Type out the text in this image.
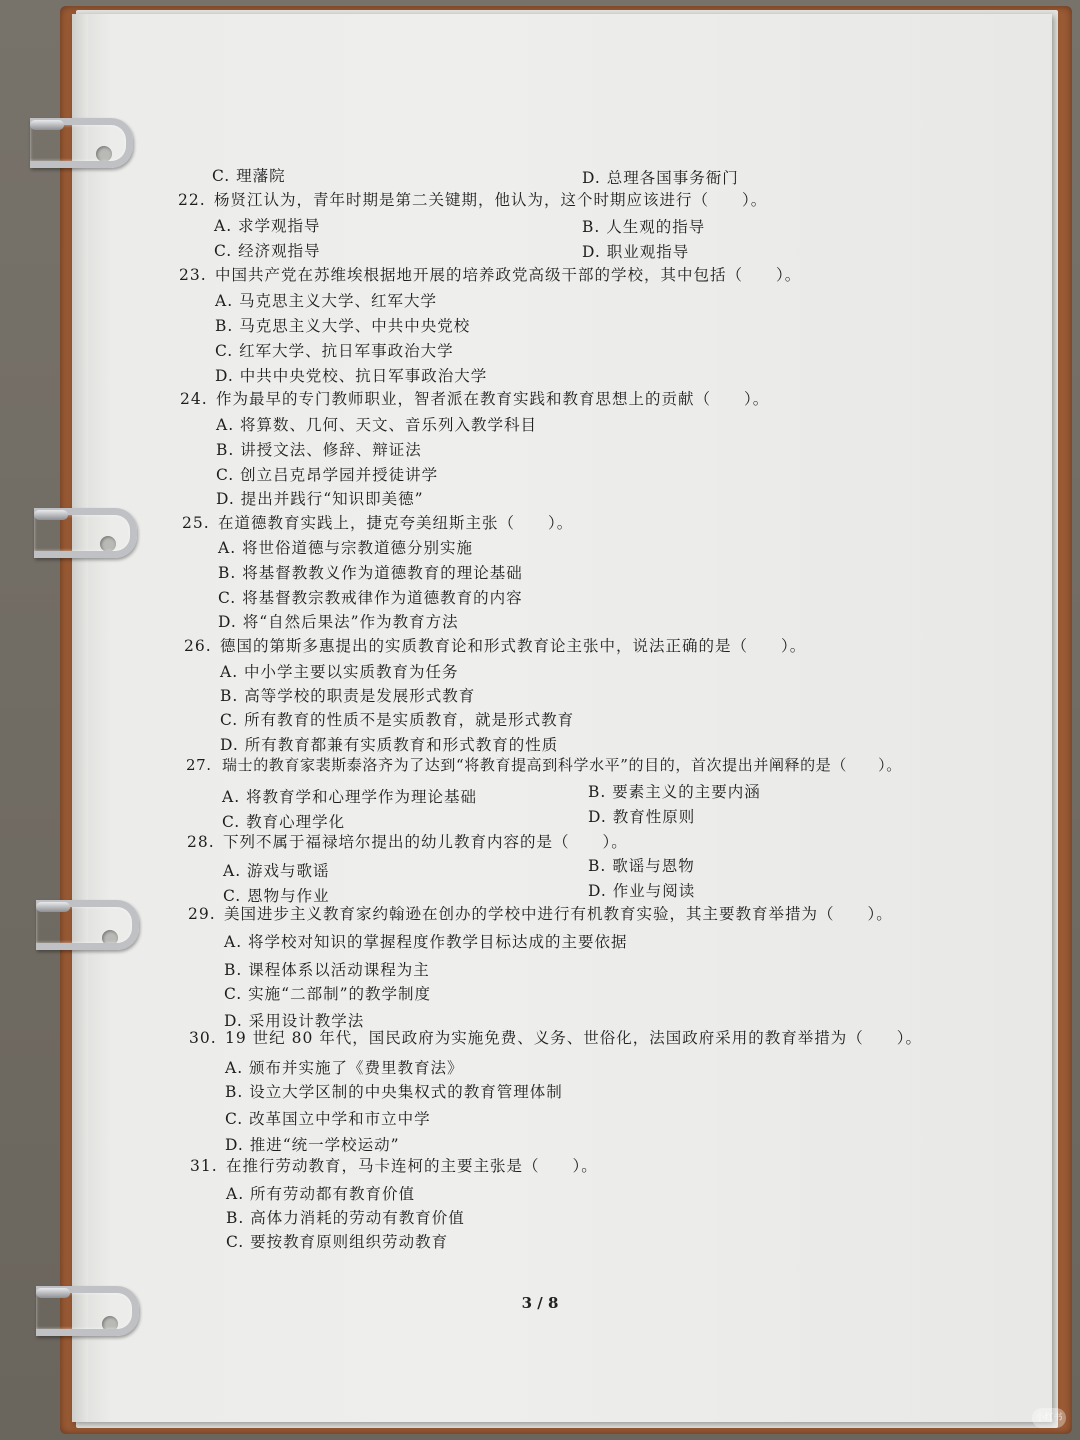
C. 理藩院	D. 总理各国事务衙门
22. 杨贤江认为，青年时期是第二关键期，他认为，这个时期应该进行（　　）。
A. 求学观指导	B. 人生观的指导
C. 经济观指导	D. 职业观指导
23. 中国共产党在苏维埃根据地开展的培养政党高级干部的学校，其中包括（　　）。
A. 马克思主义大学、红军大学
B. 马克思主义大学、中共中央党校
C. 红军大学、抗日军事政治大学
D. 中共中央党校、抗日军事政治大学
24. 作为最早的专门教师职业，智者派在教育实践和教育思想上的贡献（　　）。
A. 将算数、几何、天文、音乐列入教学科目
B. 讲授文法、修辞、辩证法
C. 创立吕克昂学园并授徒讲学
D. 提出并践行“知识即美德”
25. 在道德教育实践上，捷克夸美纽斯主张（　　）。
A. 将世俗道德与宗教道德分别实施
B. 将基督教教义作为道德教育的理论基础
C. 将基督教宗教戒律作为道德教育的内容
D. 将“自然后果法”作为教育方法
26. 德国的第斯多惠提出的实质教育论和形式教育论主张中，说法正确的是（　　）。
A. 中小学主要以实质教育为任务
B. 高等学校的职责是发展形式教育
C. 所有教育的性质不是实质教育，就是形式教育
D. 所有教育都兼有实质教育和形式教育的性质
27. 瑞士的教育家裴斯泰洛齐为了达到“将教育提高到科学水平”的目的，首次提出并阐释的是（　　）。
A. 将教育学和心理学作为理论基础	B. 要素主义的主要内涵
C. 教育心理学化	D. 教育性原则
28. 下列不属于福禄培尔提出的幼儿教育内容的是（　　）。
A. 游戏与歌谣	B. 歌谣与恩物
C. 恩物与作业	D. 作业与阅读
29. 美国进步主义教育家约翰逊在创办的学校中进行有机教育实验，其主要教育举措为（　　）。
A. 将学校对知识的掌握程度作教学目标达成的主要依据
B. 课程体系以活动课程为主
C. 实施“二部制”的教学制度
D. 采用设计教学法
30. 19 世纪 80 年代，国民政府为实施免费、义务、世俗化，法国政府采用的教育举措为（　　）。
A. 颁布并实施了《费里教育法》
B. 设立大学区制的中央集权式的教育管理体制
C. 改革国立中学和市立中学
D. 推进“统一学校运动”
31. 在推行劳动教育，马卡连柯的主要主张是（　　）。
A. 所有劳动都有教育价值
B. 高体力消耗的劳动有教育价值
C. 要按教育原则组织劳动教育
3 / 8
小红书
